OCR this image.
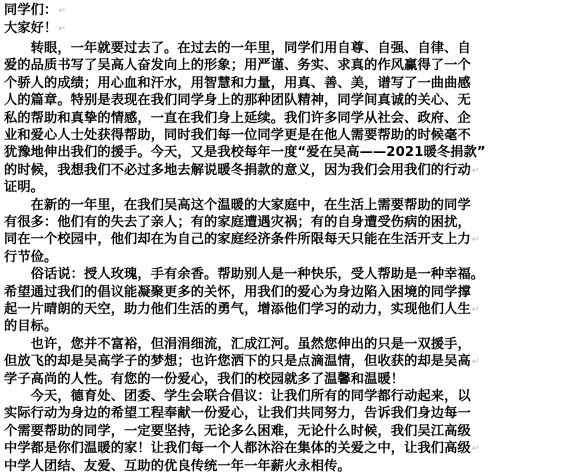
同学们：↵
大家好！↵
　　转眼，一年就要过去了。在过去的一年里，同学们用自尊、自强、自律、自
爱的品质书写了吴高人奋发向上的形象；用严谨、务实、求真的作风赢得了一个
个骄人的成绩；用心血和汗水，用智慧和力量，用真、善、美，谱写了一曲曲感
人的篇章。特别是表现在我们同学身上的那种团队精神，同学间真诚的关心、无
私的帮助和真挚的情感，一直在我们身上延续。我们许多同学从社会、政府、企
业和爱心人士处获得帮助，同时我们每一位同学更是在他人需要帮助的时候毫不
犹豫地伸出我们的援手。今天，又是我校每年一度“爱在吴高——2021暖冬捐款”
的时候，我想我们不必过多地去解说暖冬捐款的意义，因为我们会用我们的行动↵
证明。
　　在新的一年里，在我们吴高这个温暖的大家庭中，在生活上需要帮助的同学
有很多：他们有的失去了亲人；有的家庭遭遇灾祸；有的自身遭受伤病的困扰，
同在一个校园中，他们却在为自己的家庭经济条件所限每天只能在生活开支上力↵
行节俭。
　　俗话说：授人玫瑰，手有余香。帮助别人是一种快乐，受人帮助是一种幸福。
希望通过我们的倡议能凝聚更多的关怀，用我们的爱心为身边陷入困境的同学撑
起一片晴朗的天空，助力他们生活的勇气，增添他们学习的动力，实现他们人生↵
的目标。
　　也许，您并不富裕，但涓涓细流，汇成江河。虽然您伸出的只是一双援手，
但放飞的却是吴高学子的梦想；也许您洒下的只是点滴温情，但收获的却是吴高↵
学子高尚的人性。有您的一份爱心，我们的校园就多了温馨和温暖！
　　今天，德育处、团委、学生会联合倡议：让我们所有的同学都行动起来，以
实际行动为身边的希望工程奉献一份爱心，让我们共同努力，告诉我们身边每一
个需要帮助的同学，一定要坚持，无论多么困难，无论什么时候，我们吴江高级
中学都是你们温暖的家！让我们每一个人都沐浴在集体的关爱之中，让我们高级↵
中学人团结、友爱、互助的优良传统一年一年薪火永相传。
